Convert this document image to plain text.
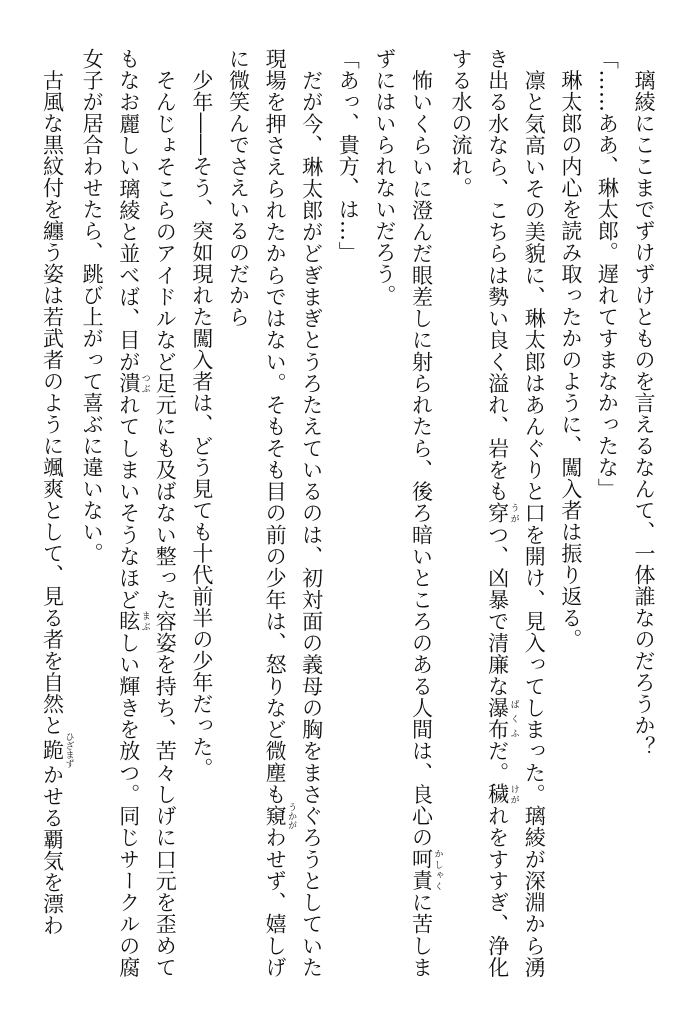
　璃綾にここまでずけずけとものを言えるなんて、一体誰なのだろうか？

「……ああ、琳太郎。遅れてすまなかったな」

　琳太郎の内心を読み取ったかのように、闖入者は振り返る。

　凛と気高いその美貌に、琳太郎はあんぐりと口を開け、見入ってしまった。璃綾が深淵から湧き出る水なら、こちらは勢い良く溢れ、岩をも穿 うがつ、凶暴で清廉な瀑布 ばくふだ。穢 けがれをすすぎ、浄化する水の流れ。

　怖いくらいに澄んだ眼差しに射られたら、後ろ暗いところのある人間は、良心の呵責 かしゃくに苦しまずにはいられないだろう。

「あっ、貴方、は…」

　だが今、琳太郎がどぎまぎとうろたえているのは、初対面の義母の胸をまさぐろうとしていた現場を押さえられたからではない。そもそも目の前の少年は、怒りなど微塵も窺 うかがわせず、嬉しげに微笑んでさえいるのだから

　少年――そう、突如現れた闖入者は、どう見ても十代前半の少年だった。

　そんじょそこらのアイドルなど足元にも及ばない整った容姿を持ち、苦々しげに口元を歪めてもなお麗しい璃綾と並べば、目が潰 つぶれてしまいそうなほど眩 まぶしい輝きを放つ。同じサークルの腐女子が居合わせたら、跳び上がって喜ぶに違いない。

　古風な黒紋付を纏う姿は若武者のように颯爽として、見る者を自然と跪 ひざまずかせる覇気を漂わ
